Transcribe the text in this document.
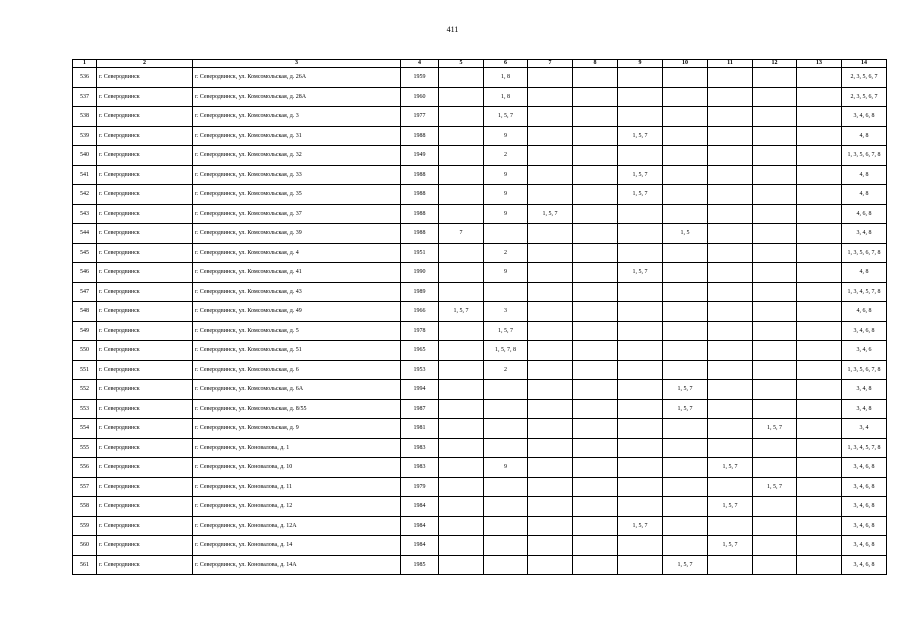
411
1	2	3	4	5	6	7	8	9	10	11	12	13	14
536	г. Северодвинск	г. Северодвинск, ул. Комсомольская, д. 26А	1959		1, 8								2, 3, 5, 6, 7
537	г. Северодвинск	г. Северодвинск, ул. Комсомольская, д. 28А	1960		1, 8								2, 3, 5, 6, 7
538	г. Северодвинск	г. Северодвинск, ул. Комсомольская, д. 3	1977		1, 5, 7								3, 4, 6, 8
539	г. Северодвинск	г. Северодвинск, ул. Комсомольская, д. 31	1988		9			1, 5, 7					4, 8
540	г. Северодвинск	г. Северодвинск, ул. Комсомольская, д. 32	1949		2								1, 3, 5, 6, 7, 8
541	г. Северодвинск	г. Северодвинск, ул. Комсомольская, д. 33	1988		9			1, 5, 7					4, 8
542	г. Северодвинск	г. Северодвинск, ул. Комсомольская, д. 35	1988		9			1, 5, 7					4, 8
543	г. Северодвинск	г. Северодвинск, ул. Комсомольская, д. 37	1988		9	1, 5, 7							4, 6, 8
544	г. Северодвинск	г. Северодвинск, ул. Комсомольская, д. 39	1988	7					1, 5				3, 4, 8
545	г. Северодвинск	г. Северодвинск, ул. Комсомольская, д. 4	1951		2								1, 3, 5, 6, 7, 8
546	г. Северодвинск	г. Северодвинск, ул. Комсомольская, д. 41	1990		9			1, 5, 7					4, 8
547	г. Северодвинск	г. Северодвинск, ул. Комсомольская, д. 43	1989										1, 3, 4, 5, 7, 8
548	г. Северодвинск	г. Северодвинск, ул. Комсомольская, д. 49	1966	1, 5, 7	3								4, 6, 8
549	г. Северодвинск	г. Северодвинск, ул. Комсомольская, д. 5	1978		1, 5, 7								3, 4, 6, 8
550	г. Северодвинск	г. Северодвинск, ул. Комсомольская, д. 51	1965		1, 5, 7, 8								3, 4, 6
551	г. Северодвинск	г. Северодвинск, ул. Комсомольская, д. 6	1953		2								1, 3, 5, 6, 7, 8
552	г. Северодвинск	г. Северодвинск, ул. Комсомольская, д. 6А	1994						1, 5, 7				3, 4, 8
553	г. Северодвинск	г. Северодвинск, ул. Комсомольская, д. 8/55	1987						1, 5, 7				3, 4, 8
554	г. Северодвинск	г. Северодвинск, ул. Комсомольская, д. 9	1981								1, 5, 7		3, 4
555	г. Северодвинск	г. Северодвинск, ул. Коновалова, д. 1	1983										1, 3, 4, 5, 7, 8
556	г. Северодвинск	г. Северодвинск, ул. Коновалова, д. 10	1983		9					1, 5, 7			3, 4, 6, 8
557	г. Северодвинск	г. Северодвинск, ул. Коновалова, д. 11	1979								1, 5, 7		3, 4, 6, 8
558	г. Северодвинск	г. Северодвинск, ул. Коновалова, д. 12	1984							1, 5, 7			3, 4, 6, 8
559	г. Северодвинск	г. Северодвинск, ул. Коновалова, д. 12А	1984					1, 5, 7					3, 4, 6, 8
560	г. Северодвинск	г. Северодвинск, ул. Коновалова, д. 14	1984							1, 5, 7			3, 4, 6, 8
561	г. Северодвинск	г. Северодвинск, ул. Коновалова, д. 14А	1985						1, 5, 7				3, 4, 6, 8
